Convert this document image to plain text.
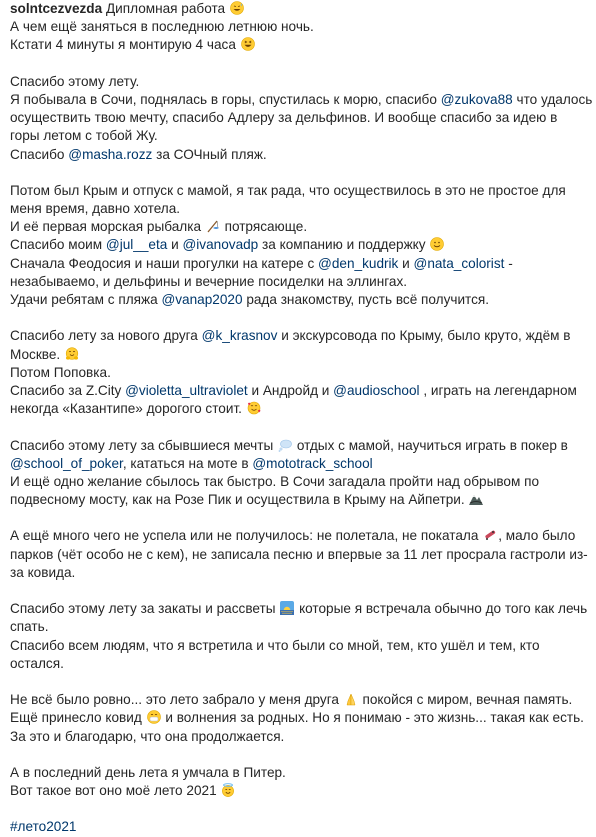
solntcezvezda Дипломная работа
А чем ещё заняться в последнюю летнюю ночь.
Кстати 4 минуты я монтирую 4 часа
Спасибо этому лету.
Я побывала в Сочи, поднялась в горы, спустилась к морю, спасибо @zukova88 что удалось
осуществить твою мечту, спасибо Адлеру за дельфинов. И вообще спасибо за идею в
горы летом с тобой Жу.
Спасибо @masha.rozz за СОЧный пляж.
Потом был Крым и отпуск с мамой, я так рада, что осуществилось в это не простое для
меня время, давно хотела.
И её первая морская рыбалка потрясающе.
Спасибо моим @jul__eta и @ivanovadp за компанию и поддержку
Сначала Феодосия и наши прогулки на катере с @den_kudrik и @nata_colorist -
незабываемо, и дельфины и вечерние посиделки на эллингах.
Удачи ребятам с пляжа @vanap2020 рада знакомству, пусть всё получится.
Спасибо лету за нового друга @k_krasnov и экскурсовода по Крыму, было круто, ждём в
Москве.
Потом Поповка.
Спасибо за Z.City @violetta_ultraviolet и Андройд и @audioschool , играть на легендарном
некогда «Казантипе» дорогого стоит.
Спасибо этому лету за сбывшиеся мечты отдых с мамой, научиться играть в покер в
@school_of_poker, кататься на моте в @mototrack_school
И ещё одно желание сбылось так быстро. В Сочи загадала пройти над обрывом по
подвесному мосту, как на Розе Пик и осуществила в Крыму на Айпетри.
А ещё много чего не успела или не получилось: не полетала, не покатала , мало было
парков (чёт особо не с кем), не записала песню и впервые за 11 лет просрала гастроли из-
за ковида.
Спасибо этому лету за закаты и рассветы которые я встречала обычно до того как лечь
спать.
Спасибо всем людям, что я встретила и что были со мной, тем, кто ушёл и тем, кто
остался.
Не всё было ровно... это лето забрало у меня друга покойся с миром, вечная память.
Ещё принесло ковид и волнения за родных. Но я понимаю - это жизнь... такая как есть.
За это и благодарю, что она продолжается.
А в последний день лета я умчала в Питер.
Вот такое вот оно моё лето 2021
#лето2021
